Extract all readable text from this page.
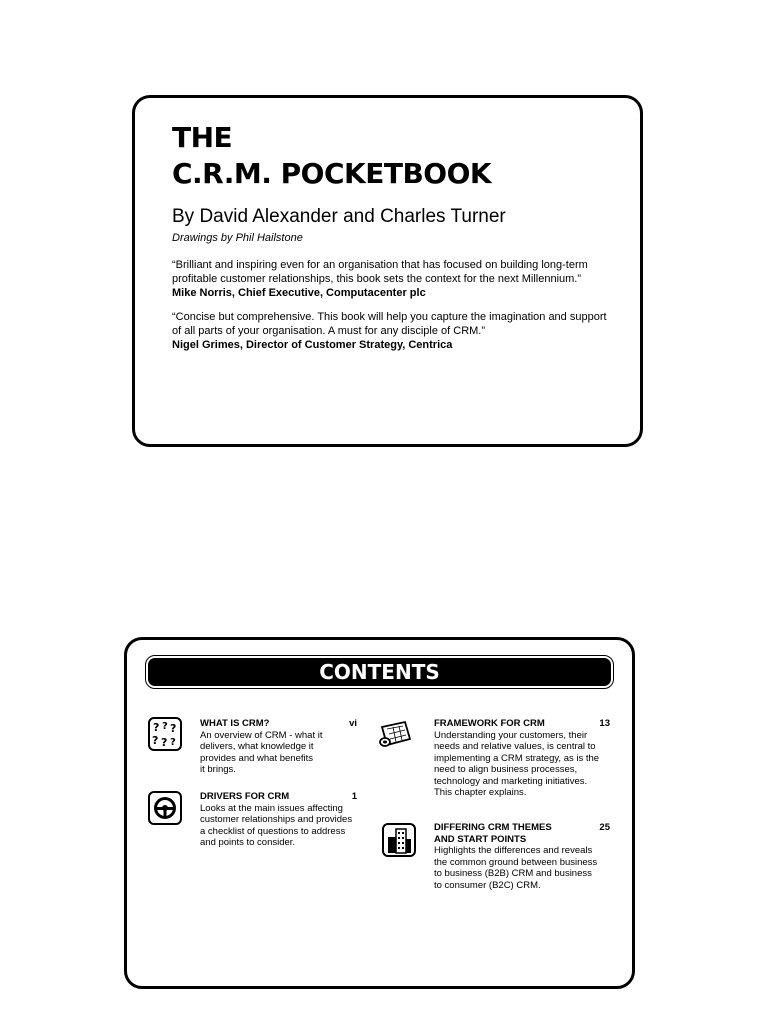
THE
C.R.M. POCKETBOOK
By David Alexander and Charles Turner
Drawings by Phil Hailstone
“Brilliant and inspiring even for an organisation that has focused on building long-term profitable customer relationships, this book sets the context for the next Millennium.”
Mike Norris, Chief Executive, Computacenter plc
“Concise but comprehensive. This book will help you capture the imagination and support of all parts of your organisation. A must for any disciple of CRM.”
Nigel Grimes, Director of Customer Strategy, Centrica
CONTENTS
? ? ?
? ? ?
WHAT IS CRM?	vi
An overview of CRM - what it
delivers, what knowledge it
provides and what benefits
it brings.
DRIVERS FOR CRM	1
Looks at the main issues affecting
customer relationships and provides
a checklist of questions to address
and points to consider.
FRAMEWORK FOR CRM	13
Understanding your customers, their
needs and relative values, is central to
implementing a CRM strategy, as is the
need to align business processes,
technology and marketing initiatives.
This chapter explains.
DIFFERING CRM THEMES	25
AND START POINTS
Highlights the differences and reveals
the common ground between business
to business (B2B) CRM and business
to consumer (B2C) CRM.
